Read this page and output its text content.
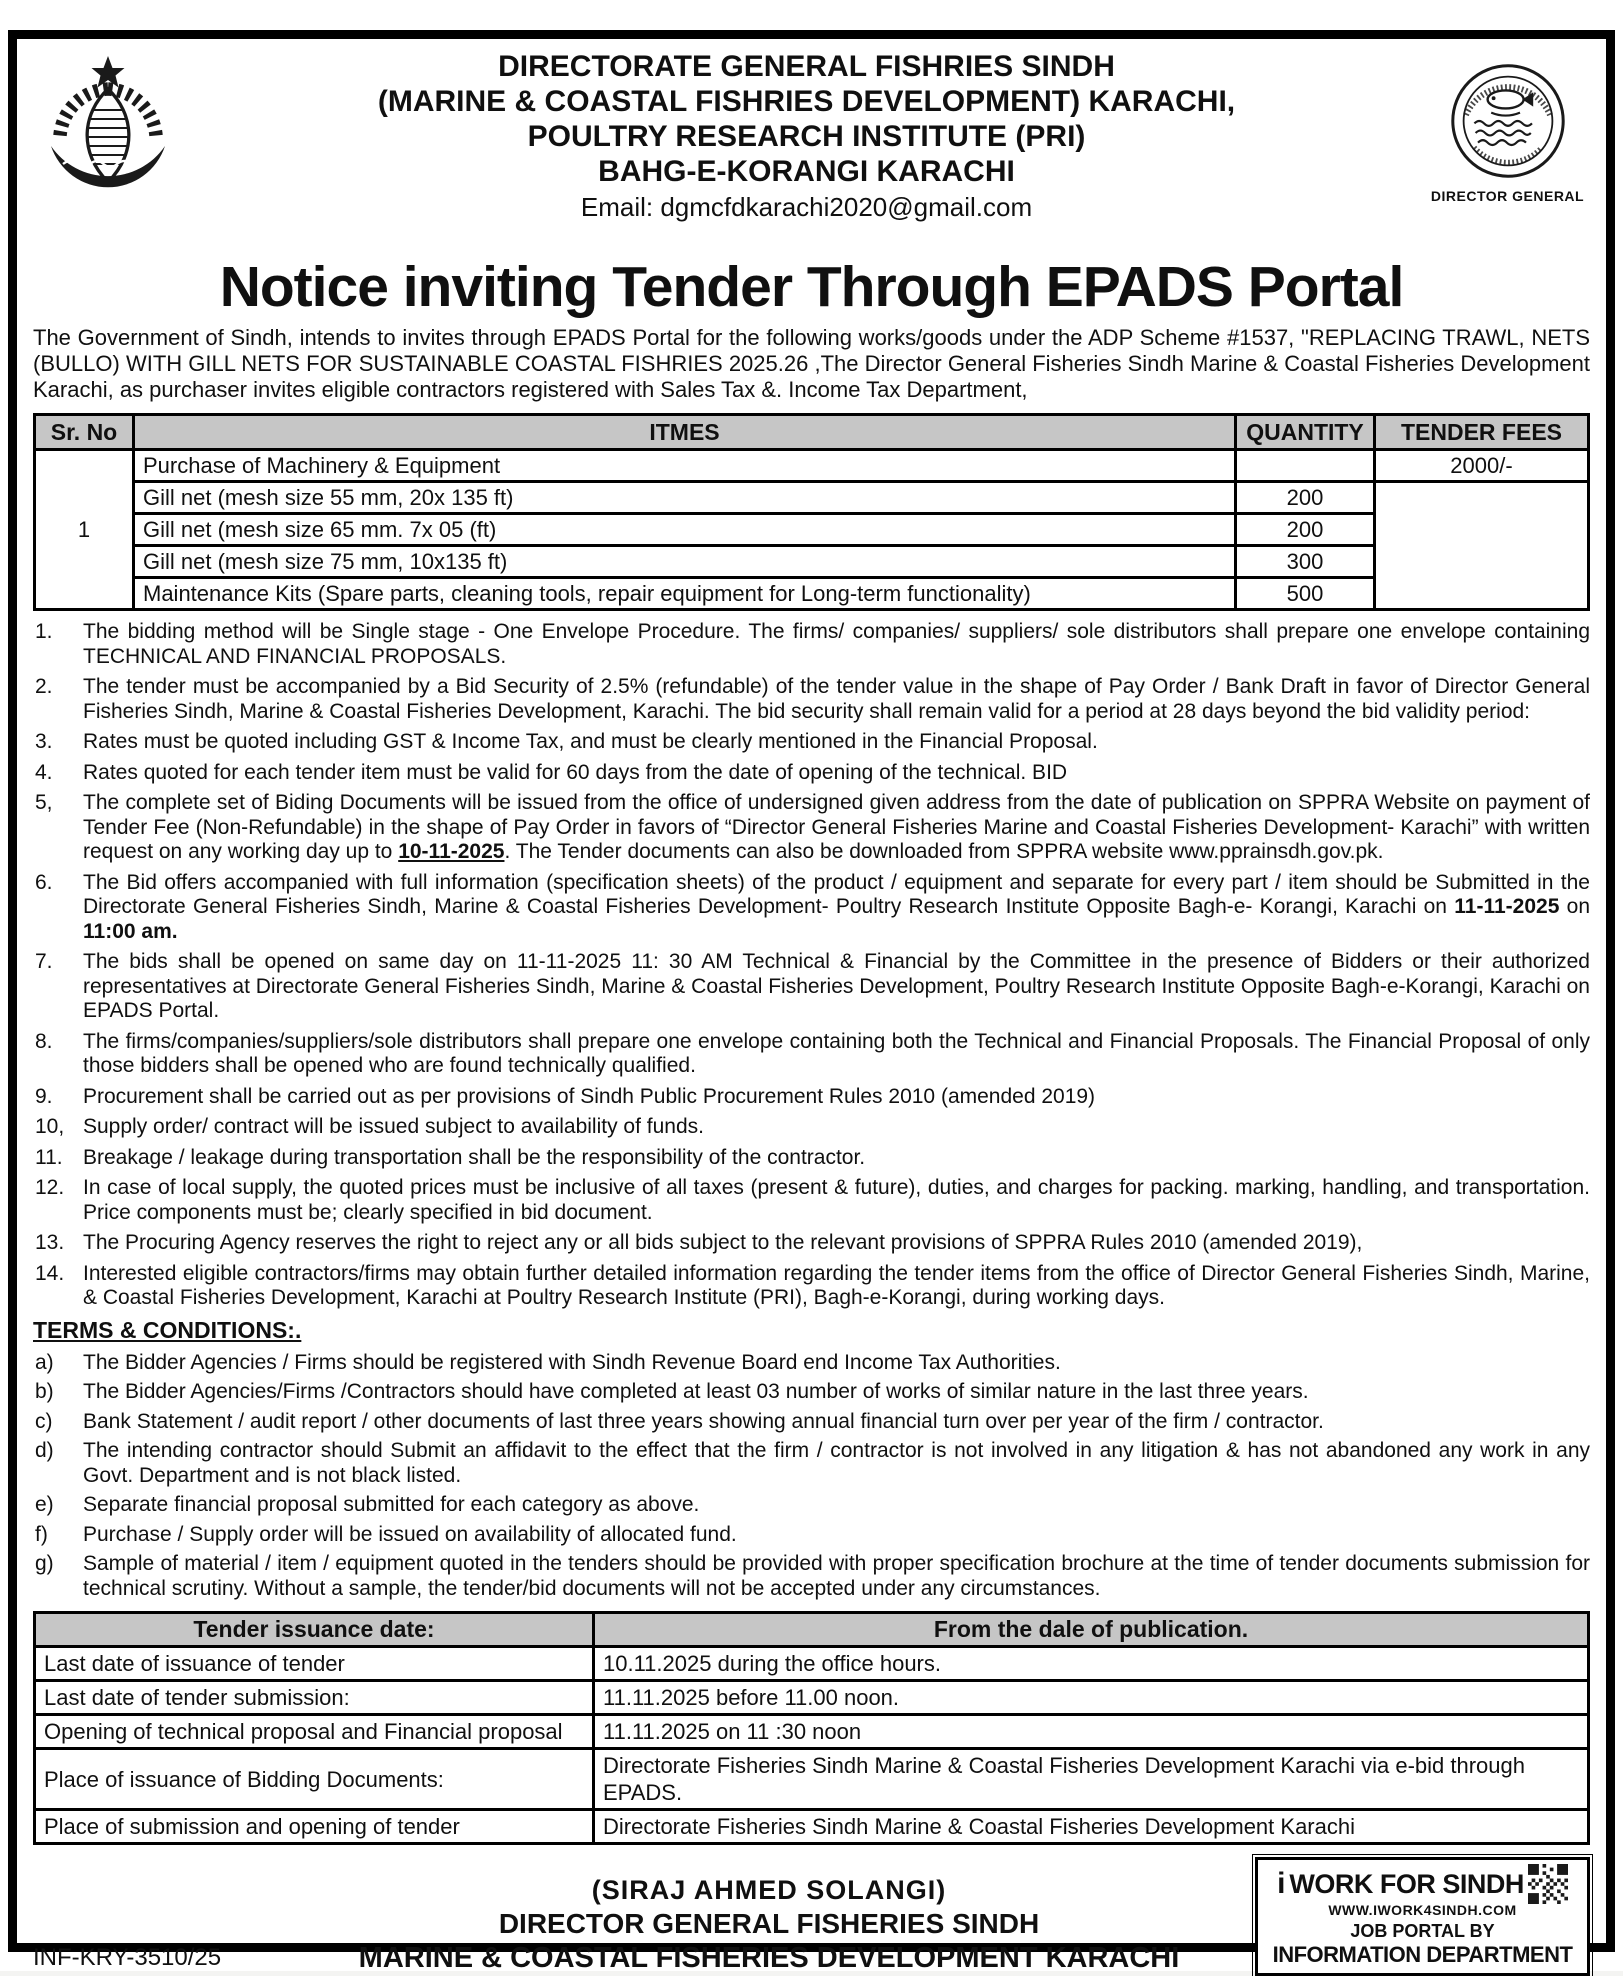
DIRECTORATE GENERAL FISHRIES SINDH
(MARINE & COASTAL FISHRIES DEVELOPMENT) KARACHI,
POULTRY RESEARCH INSTITUTE (PRI)
BAHG-E-KORANGI KARACHI
Email: dgmcfdkarachi2020@gmail.com	DIRECTOR GENERAL
Notice inviting Tender Through EPADS Portal
The Government of Sindh, intends to invites through EPADS Portal for the following works/goods under the ADP Scheme #1537, "REPLACING TRAWL, NETS (BULLO) WITH GILL NETS FOR SUSTAINABLE COASTAL FISHRIES 2025.26 ,The Director General Fisheries Sindh Marine & Coastal Fisheries Development Karachi, as purchaser invites eligible contractors registered with Sales Tax &. Income Tax Department,
Sr. No	ITMES	QUANTITY	TENDER FEES
1	Purchase of Machinery & Equipment		2000/-
	Gill net (mesh size 55 mm, 20x 135 ft)	200	
	Gill net (mesh size 65 mm. 7x 05 (ft)	200	
	Gill net (mesh size 75 mm, 10x135 ft)	300	
	Maintenance Kits (Spare parts, cleaning tools, repair equipment for Long-term functionality)	500	
1.	The bidding method will be Single stage - One Envelope Procedure. The firms/ companies/ suppliers/ sole distributors shall prepare one envelope containing TECHNICAL AND FINANCIAL PROPOSALS.
2.	The tender must be accompanied by a Bid Security of 2.5% (refundable) of the tender value in the shape of Pay Order / Bank Draft in favor of Director General Fisheries Sindh, Marine & Coastal Fisheries Development, Karachi. The bid security shall remain valid for a period at 28 days beyond the bid validity period:
3.	Rates must be quoted including GST & Income Tax, and must be clearly mentioned in the Financial Proposal.
4.	Rates quoted for each tender item must be valid for 60 days from the date of opening of the technical. BID
5,	The complete set of Biding Documents will be issued from the office of undersigned given address from the date of publication on SPPRA Website on payment of Tender Fee (Non-Refundable) in the shape of Pay Order in favors of “Director General Fisheries Marine and Coastal Fisheries Development- Karachi” with written request on any working day up to 10-11-2025. The Tender documents can also be downloaded from SPPRA website www.pprainsdh.gov.pk.
6.	The Bid offers accompanied with full information (specification sheets) of the product / equipment and separate for every part / item should be Submitted in the Directorate General Fisheries Sindh, Marine & Coastal Fisheries Development- Poultry Research Institute Opposite Bagh-e- Korangi, Karachi on 11-11-2025 on 11:00 am.
7.	The bids shall be opened on same day on 11-11-2025 11: 30 AM Technical & Financial by the Committee in the presence of Bidders or their authorized representatives at Directorate General Fisheries Sindh, Marine & Coastal Fisheries Development, Poultry Research Institute Opposite Bagh-e-Korangi, Karachi on EPADS Portal.
8.	The firms/companies/suppliers/sole distributors shall prepare one envelope containing both the Technical and Financial Proposals. The Financial Proposal of only those bidders shall be opened who are found technically qualified.
9.	Procurement shall be carried out as per provisions of Sindh Public Procurement Rules 2010 (amended 2019)
10, Supply order/ contract will be issued subject to availability of funds.
11. Breakage / leakage during transportation shall be the responsibility of the contractor.
12. In case of local supply, the quoted prices must be inclusive of all taxes (present & future), duties, and charges for packing. marking, handling, and transportation. Price components must be; clearly specified in bid document.
13. The Procuring Agency reserves the right to reject any or all bids subject to the relevant provisions of SPPRA Rules 2010 (amended 2019),
14. Interested eligible contractors/firms may obtain further detailed information regarding the tender items from the office of Director General Fisheries Sindh, Marine, & Coastal Fisheries Development, Karachi at Poultry Research Institute (PRI), Bagh-e-Korangi, during working days.
TERMS & CONDITIONS:.
a)	The Bidder Agencies / Firms should be registered with Sindh Revenue Board end Income Tax Authorities.
b)	The Bidder Agencies/Firms /Contractors should have completed at least 03 number of works of similar nature in the last three years.
c)	Bank Statement / audit report / other documents of last three years showing annual financial turn over per year of the firm / contractor.
d)	The intending contractor should Submit an affidavit to the effect that the firm / contractor is not involved in any litigation & has not abandoned any work in any Govt. Department and is not black listed.
e)	Separate financial proposal submitted for each category as above.
f)	Purchase / Supply order will be issued on availability of allocated fund.
g)	Sample of material / item / equipment quoted in the tenders should be provided with proper specification brochure at the time of tender documents submission for technical scrutiny. Without a sample, the tender/bid documents will not be accepted under any circumstances.
Tender issuance date:	From the dale of publication.
Last date of issuance of tender	10.11.2025 during the office hours.
Last date of tender submission:	11.11.2025 before 11.00 noon.
Opening of technical proposal and Financial proposal	11.11.2025 on 11 :30 noon
Place of issuance of Bidding Documents:	Directorate Fisheries Sindh Marine & Coastal Fisheries Development Karachi via e-bid through EPADS.
Place of submission and opening of tender	Directorate Fisheries Sindh Marine & Coastal Fisheries Development Karachi
INF-KRY-3510/25
(SIRAJ AHMED SOLANGI)
DIRECTOR GENERAL FISHERIES SINDH
MARINE & COASTAL FISHERIES DEVELOPMENT KARACHI
i WORK FOR SINDH
WWW.IWORK4SINDH.COM
JOB PORTAL BY
INFORMATION DEPARTMENT
